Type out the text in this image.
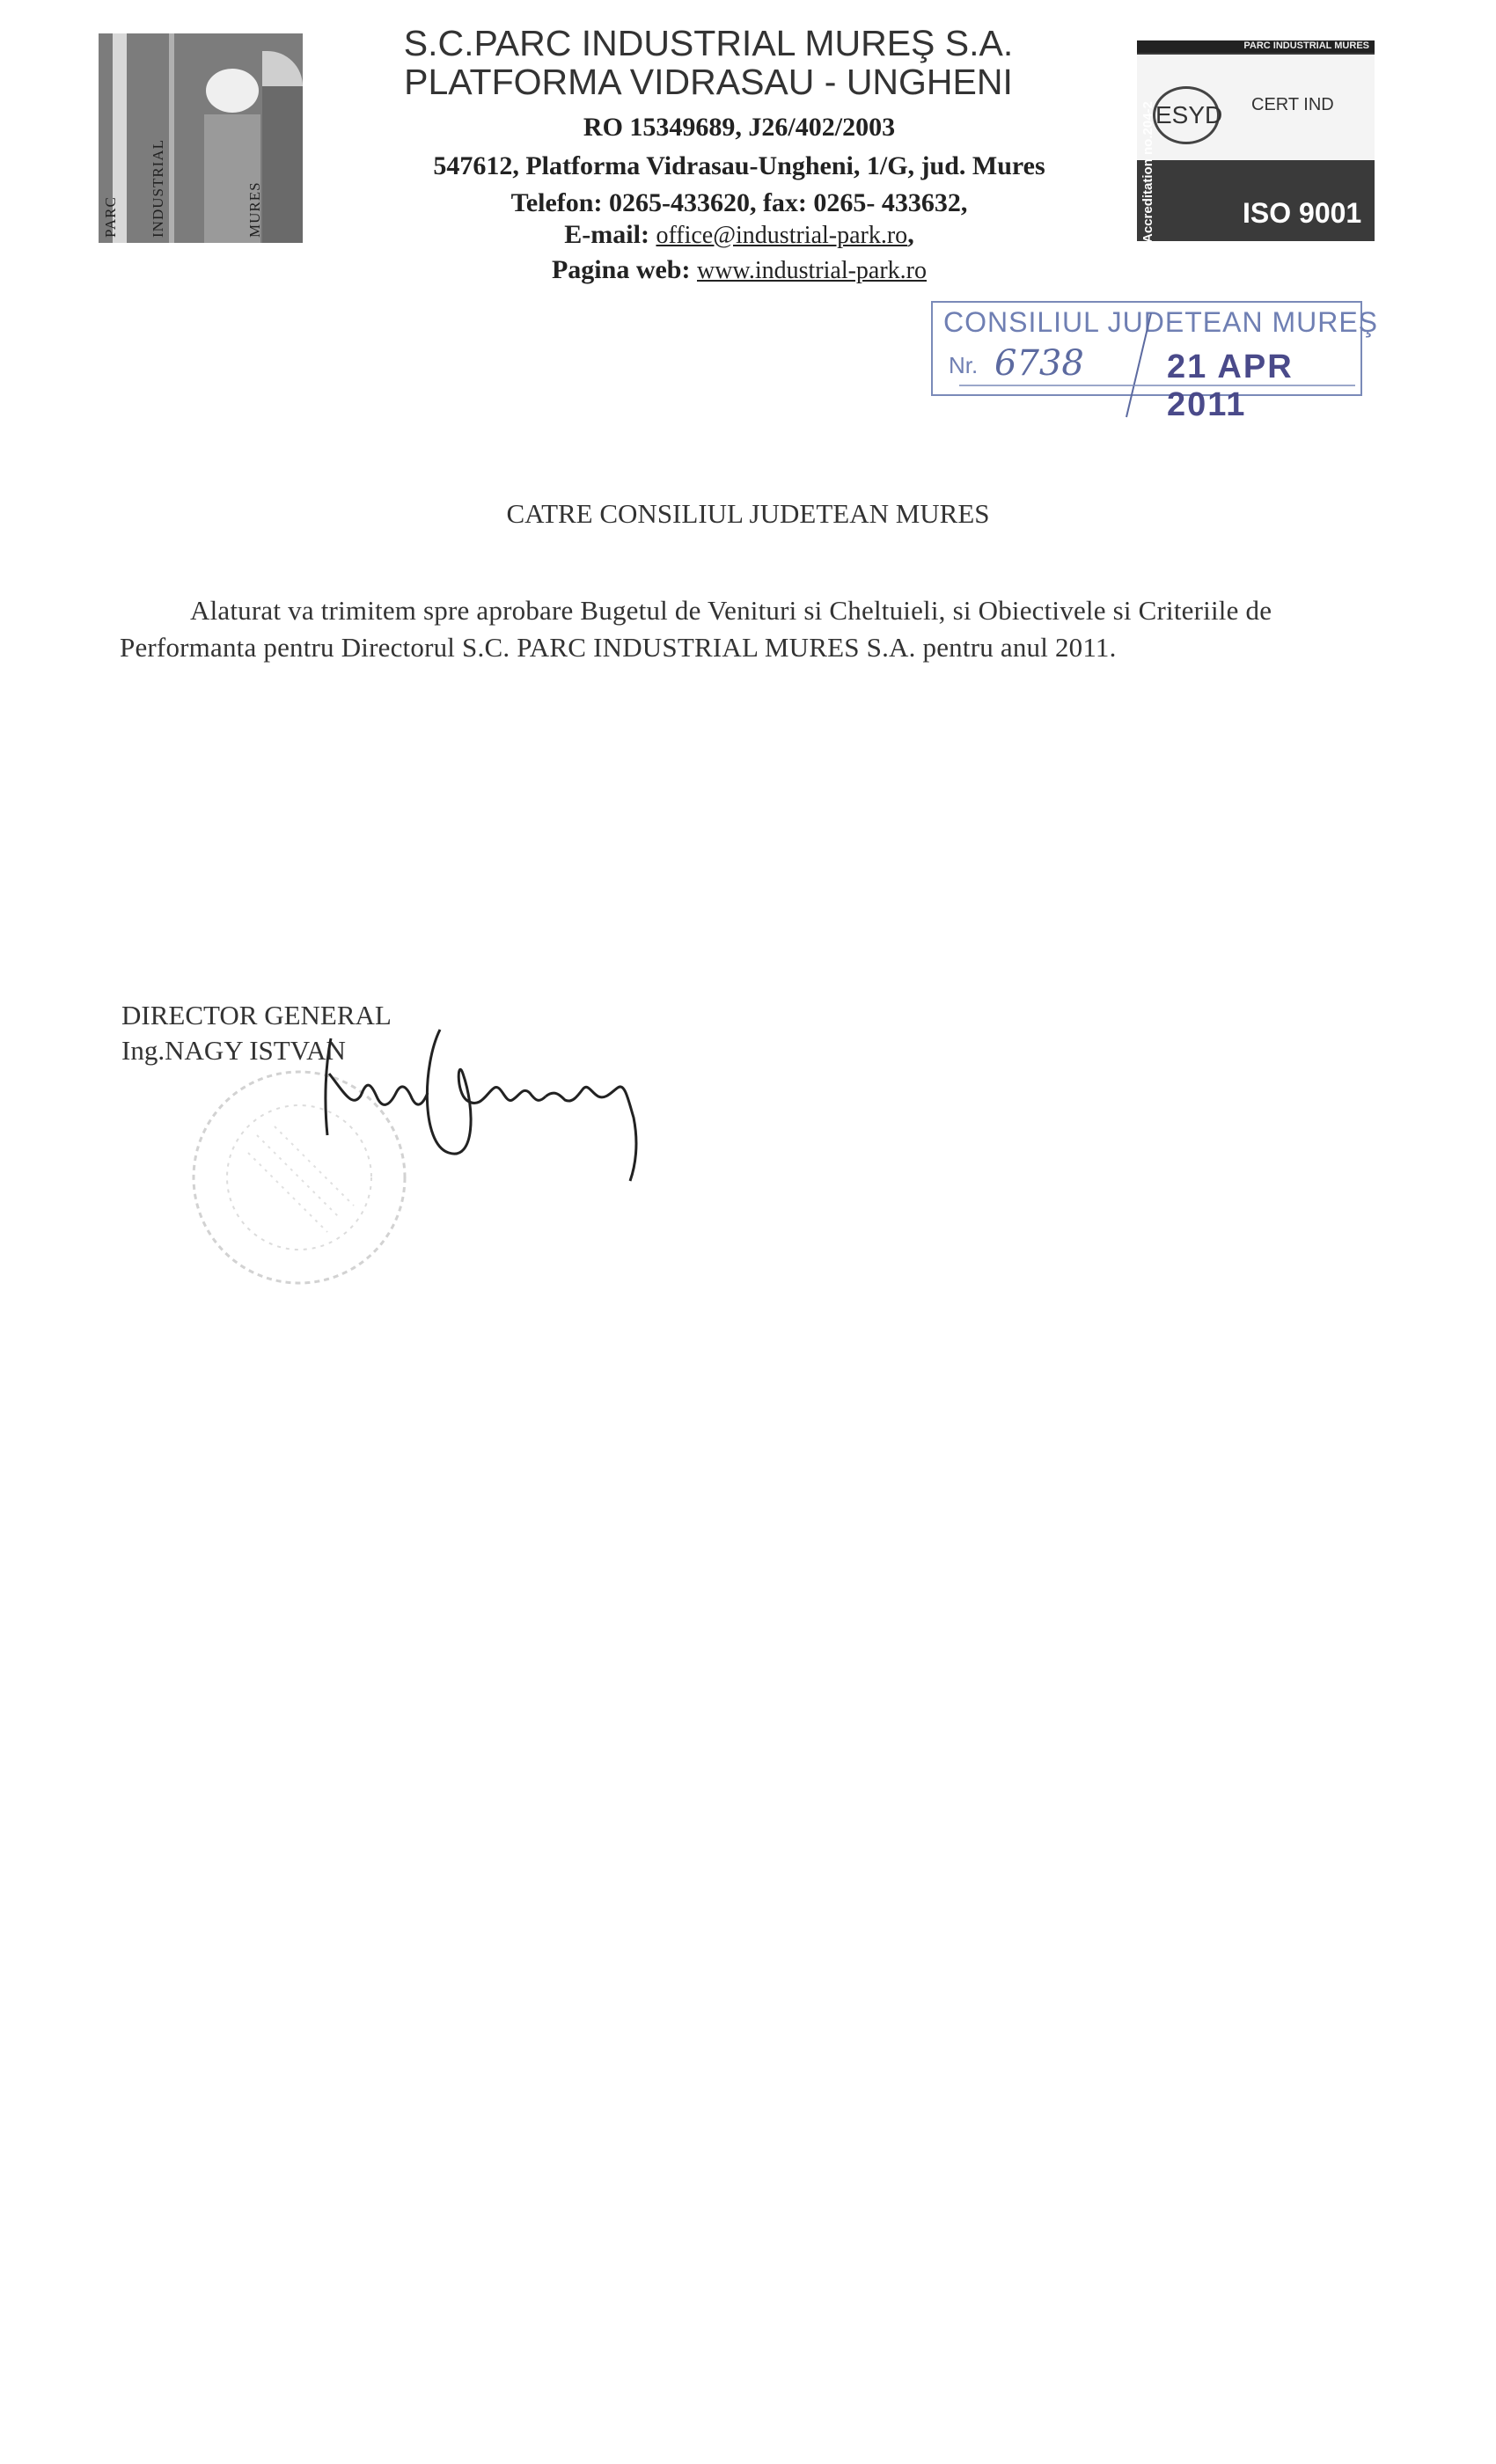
PARC INDUSTRIAL	MURES
S.C.PARC INDUSTRIAL MUREŞ S.A.
PLATFORMA VIDRASAU - UNGHENI
RO 15349689, J26/402/2003
547612, Platforma Vidrasau-Ungheni, 1/G, jud. Mures
Telefon: 0265-433620, fax: 0265- 433632,
E-mail: office@industrial-park.ro,
Pagina web: www.industrial-park.ro
PARC INDUSTRIAL MURES
ESYD CERT IND
ISO 9001
Accreditation no.204-2
CONSILIUL JUDETEAN MUREŞ
Nr. 6738 21 APR 2011
CATRE CONSILIUL JUDETEAN MURES
Alaturat va trimitem spre aprobare Bugetul de Venituri si Cheltuieli, si Obiectivele si Criteriile de
Performanta pentru Directorul S.C. PARC INDUSTRIAL MURES S.A. pentru anul 2011.
DIRECTOR GENERAL
Ing.NAGY ISTVAN
